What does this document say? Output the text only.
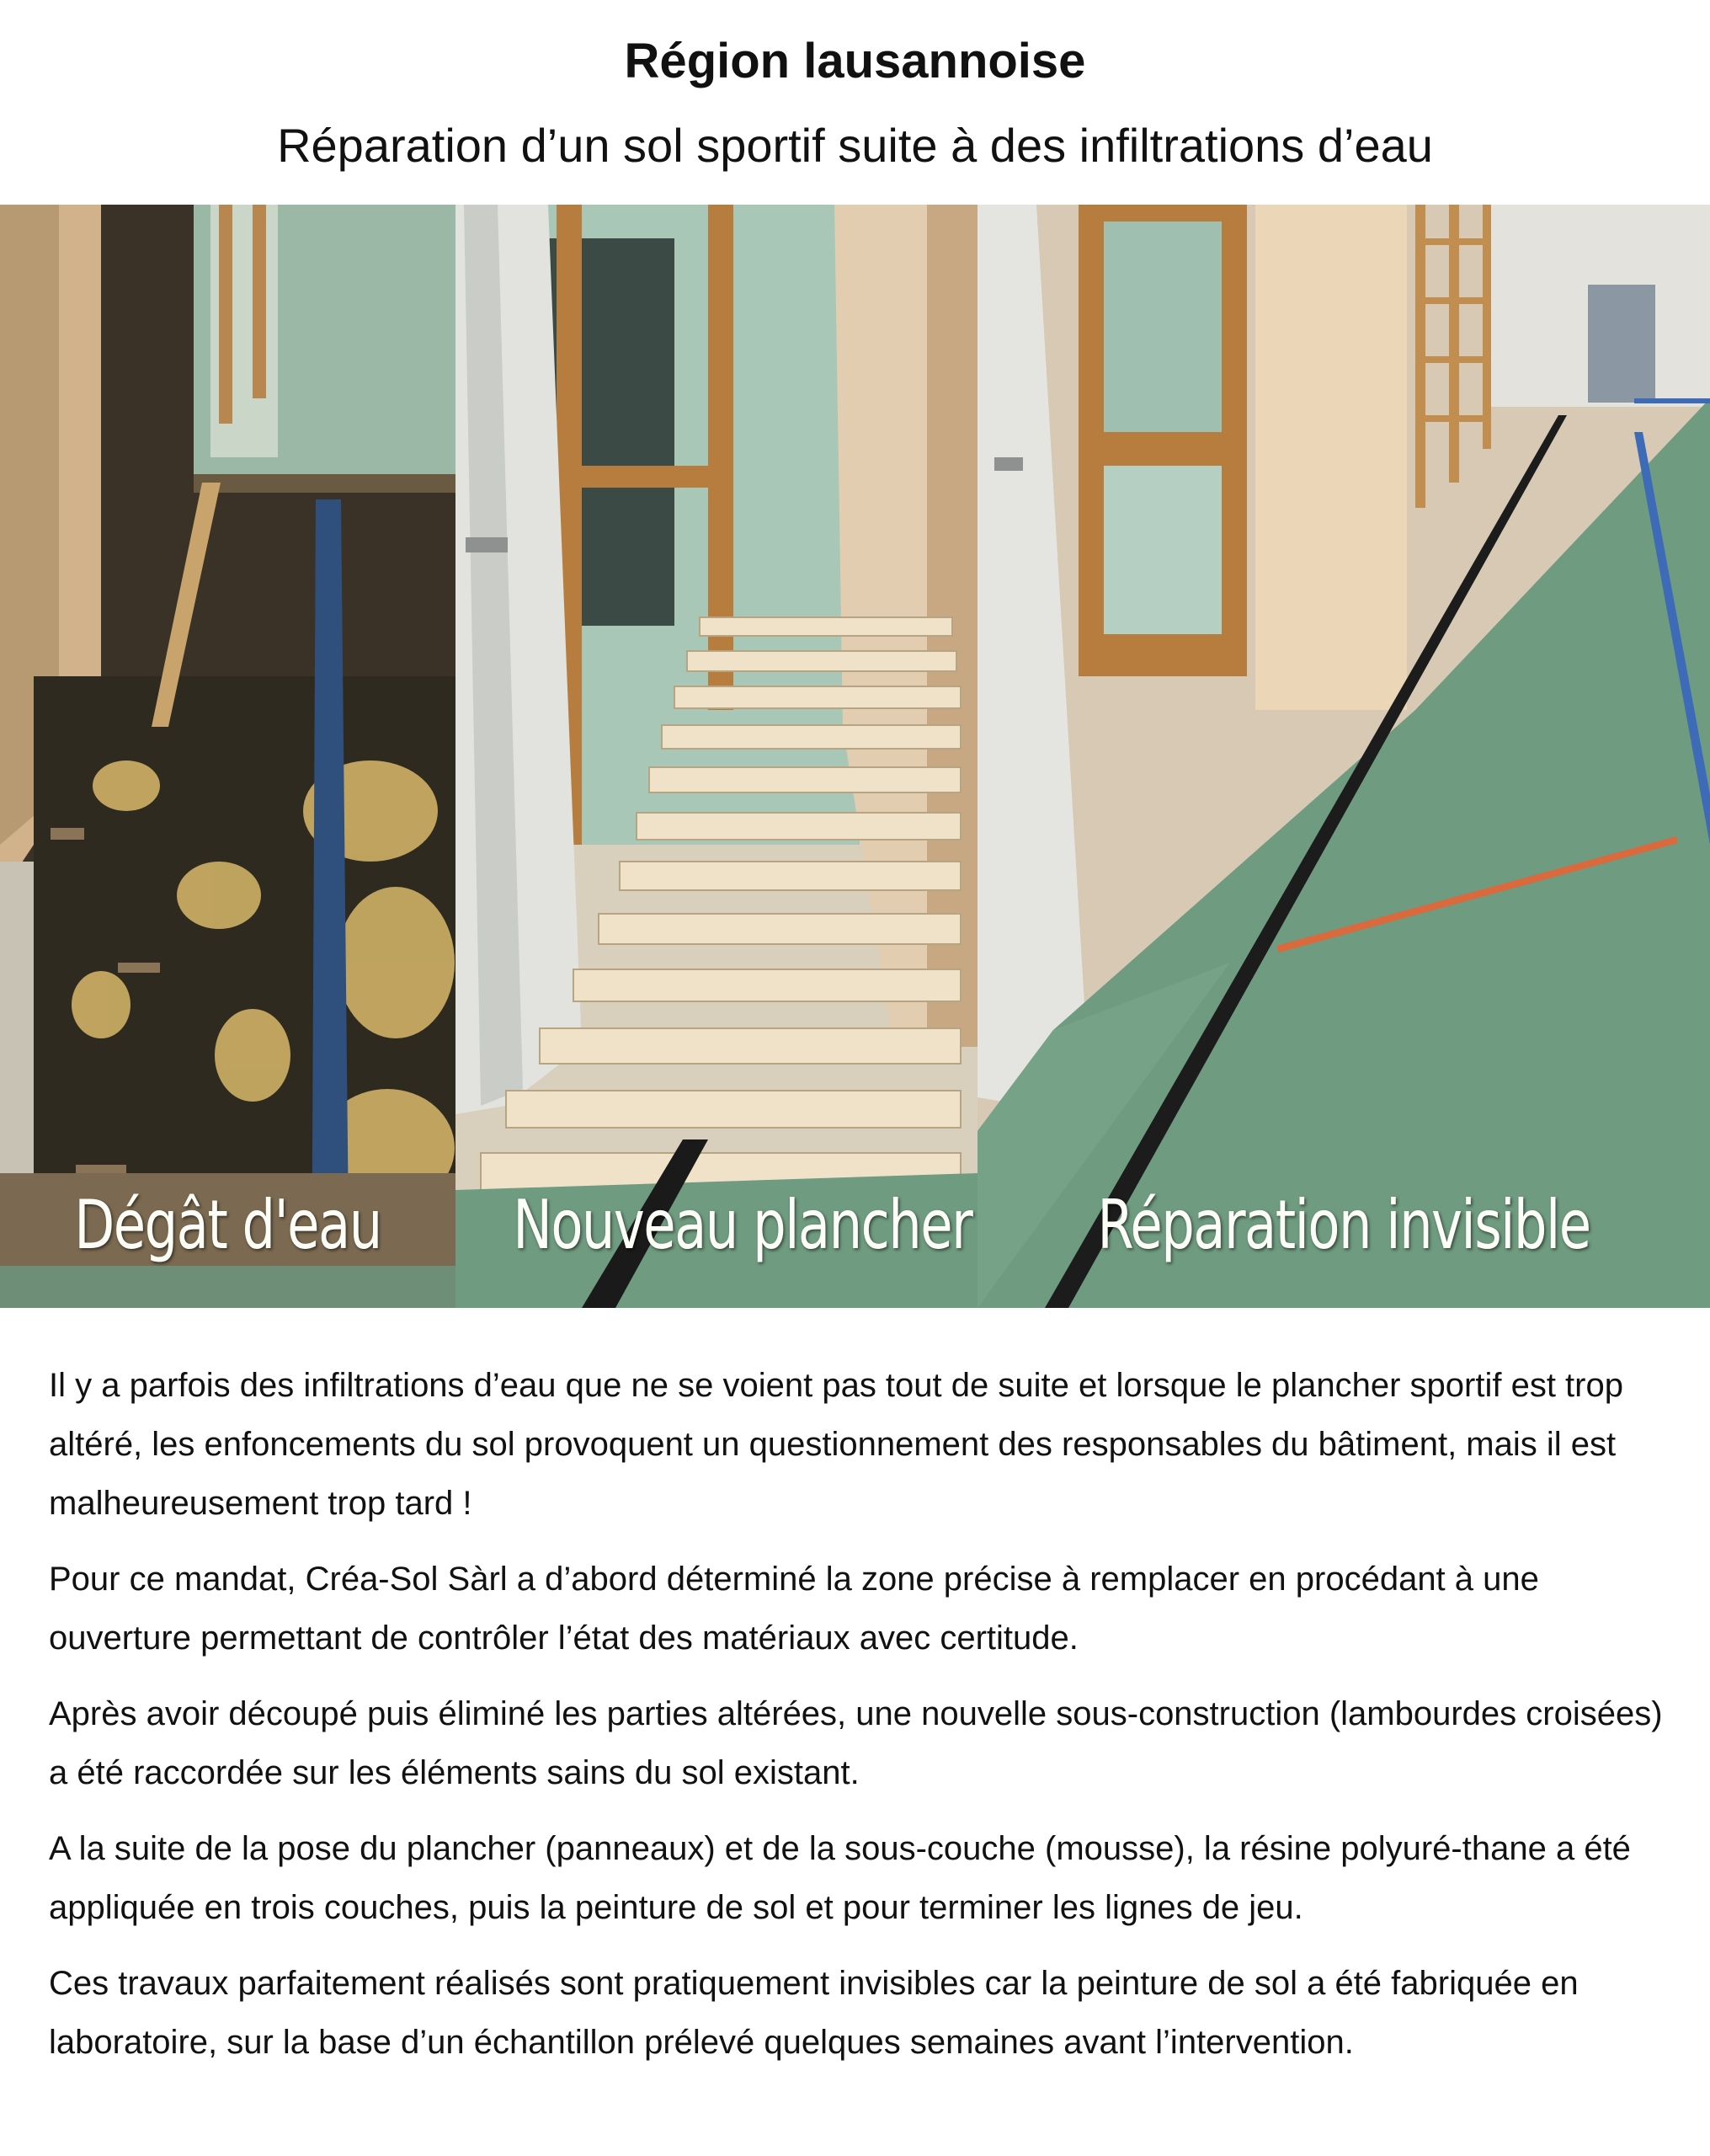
Région lausannoise
Réparation d’un sol sportif suite à des infiltrations d’eau
Dégât d'eau	Nouveau plancher	Réparation invisible

Il y a parfois des infiltrations d’eau que ne se voient pas tout de suite et lorsque le plancher sportif est trop altéré, les enfoncements du sol provoquent un questionnement des responsables du bâtiment, mais il est malheureusement trop tard !

Pour ce mandat, Créa-Sol Sàrl a d’abord déterminé la zone précise à remplacer en procédant à une ouverture permettant de contrôler l’état des matériaux avec certitude.

Après avoir découpé puis éliminé les parties altérées, une nouvelle sous-construction (lambourdes croisées) a été raccordée sur les éléments sains du sol existant.

A la suite de la pose du plancher (panneaux) et de la sous-couche (mousse), la résine polyuré-thane a été appliquée en trois couches, puis la peinture de sol et pour terminer les lignes de jeu.

Ces travaux parfaitement réalisés sont pratiquement invisibles car la peinture de sol a été fabriquée en laboratoire, sur la base d’un échantillon prélevé quelques semaines avant l’intervention.
